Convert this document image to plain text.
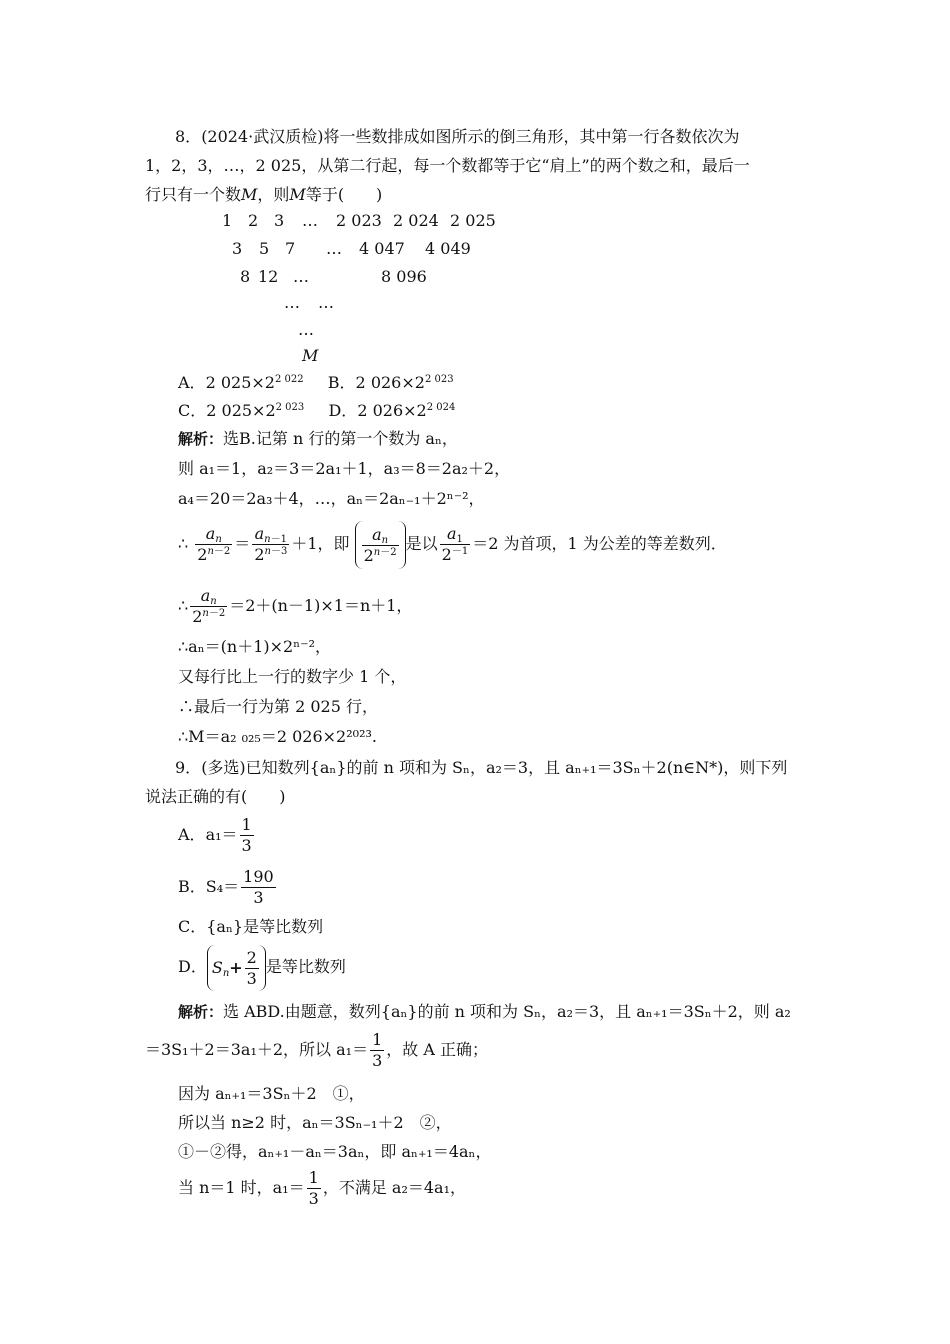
8．(2024·武汉质检)将一些数排成如图所示的倒三角形，其中第一行各数依次为
1，2，3，…，2 025，从第二行起，每一个数都等于它“肩上”的两个数之和，最后一
行只有一个数M，则M等于(　　)
1 2 3 … 2 023 2 024 2 025
3 5 7 … 4 047 4 049
8 12 …	8 096
… …
…
M
A．2 $025\times 2^{2 022}$ B．2 $026\times 2^{2 023}$
C．2 $025\times 2^{2 023}$ D．2 $026\times 2^{2 024}$
解析：选B.记第 n 行的第一个数为 aₙ，
则 a₁＝1，a₂＝3＝2a₁＋1，a₃＝8＝2a₂＋2，
a₄＝20＝2a₃＋4，…，aₙ＝2aₙ₋₁＋2ⁿ⁻²，
∴ $\frac{a_n}{2^{n-2}} = \frac{a_{n-1}}{2^{n-3}} +1$，即 $\frac{a_n}{2^{n-2}}$ 是以 $\frac{a_1}{2^{-1}} =2$ 为首项，1 为公差的等差数列．
∴ $\frac{a_n}{2^{n-2}} =2+(n-1)\times 1=n+1$，
∴aₙ＝(n＋1)×2ⁿ⁻²，
又每行比上一行的数字少 1 个，
∴最后一行为第 2 025 行，
∴M＝a₂ ₀₂₅＝2 026×2²⁰²³.
9．(多选)已知数列{aₙ}的前 n 项和为 Sₙ，a₂＝3，且 aₙ₊₁＝3Sₙ＋2(n∈N*)，则下列
说法正确的有(　　)
A．$a_1= \frac{1}{3}$
B．$S_4= \frac{190}{3}$
C．{aₙ}是等比数列
D． $S_n+ \frac{2}{3}$ 是等比数列
解析：选 ABD.由题意，数列{aₙ}的前 n 项和为 Sₙ，a₂＝3，且 aₙ₊₁＝3Sₙ＋2，则 a₂
＝3S₁＋2＝3a₁＋2，所以 $a_1= \frac{1}{3}$ ，故 A 正确；
因为 aₙ₊₁＝3Sₙ＋2　①，
所以当 n≥2 时，aₙ＝3Sₙ₋₁＋2　②，
①－②得，aₙ₊₁－aₙ＝3aₙ，即 aₙ₊₁＝4aₙ，
当 n＝1 时，$a_1= \frac{1}{3}$ ，不满足 a₂＝4a₁，
